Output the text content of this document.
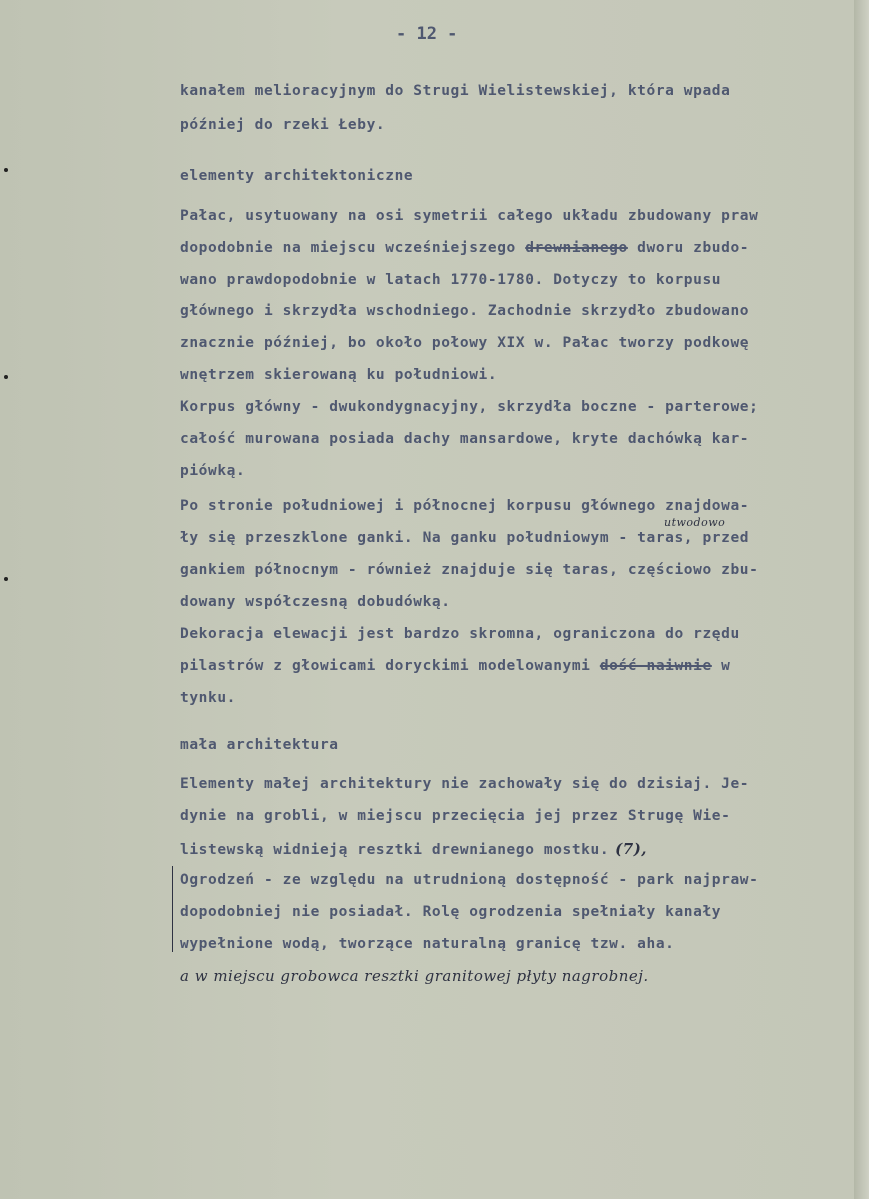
- 12 -
kanałem melioracyjnym do Strugi Wielistewskiej, która wpada
później do rzeki Łeby.
elementy architektoniczne
Pałac, usytuowany na osi symetrii całego układu zbudowany praw
dopodobnie na miejscu wcześniejszego drewnianego dworu zbudo-
wano prawdopodobnie w latach 1770-1780. Dotyczy to korpusu
głównego i skrzydła wschodniego. Zachodnie skrzydło zbudowano
znacznie później, bo około połowy XIX w. Pałac tworzy podkowę
wnętrzem skierowaną ku południowi.
Korpus główny - dwukondygnacyjny, skrzydła boczne - parterowe;
całość murowana posiada dachy mansardowe, kryte dachówką kar-
piówką.
Po stronie południowej i północnej korpusu głównego znajdowa-
utwodowo
ły się przeszklone ganki. Na ganku południowym - taras, przed
gankiem północnym - również znajduje się taras, częściowo zbu-
dowany współczesną dobudówką.
Dekoracja elewacji jest bardzo skromna, ograniczona do rzędu
pilastrów z głowicami doryckimi modelowanymi dość naiwnie w
tynku.
mała architektura
Elementy małej architektury nie zachowały się do dzisiaj. Je-
dynie na grobli, w miejscu przecięcia jej przez Strugę Wie-
listewską widnieją resztki drewnianego mostku. (7),
Ogrodzeń - ze względu na utrudnioną dostępność - park najpraw-
dopodobniej nie posiadał. Rolę ogrodzenia spełniały kanały
wypełnione wodą, tworzące naturalną granicę tzw. aha.
a w miejscu grobowca resztki granitowej płyty nagrobnej.
